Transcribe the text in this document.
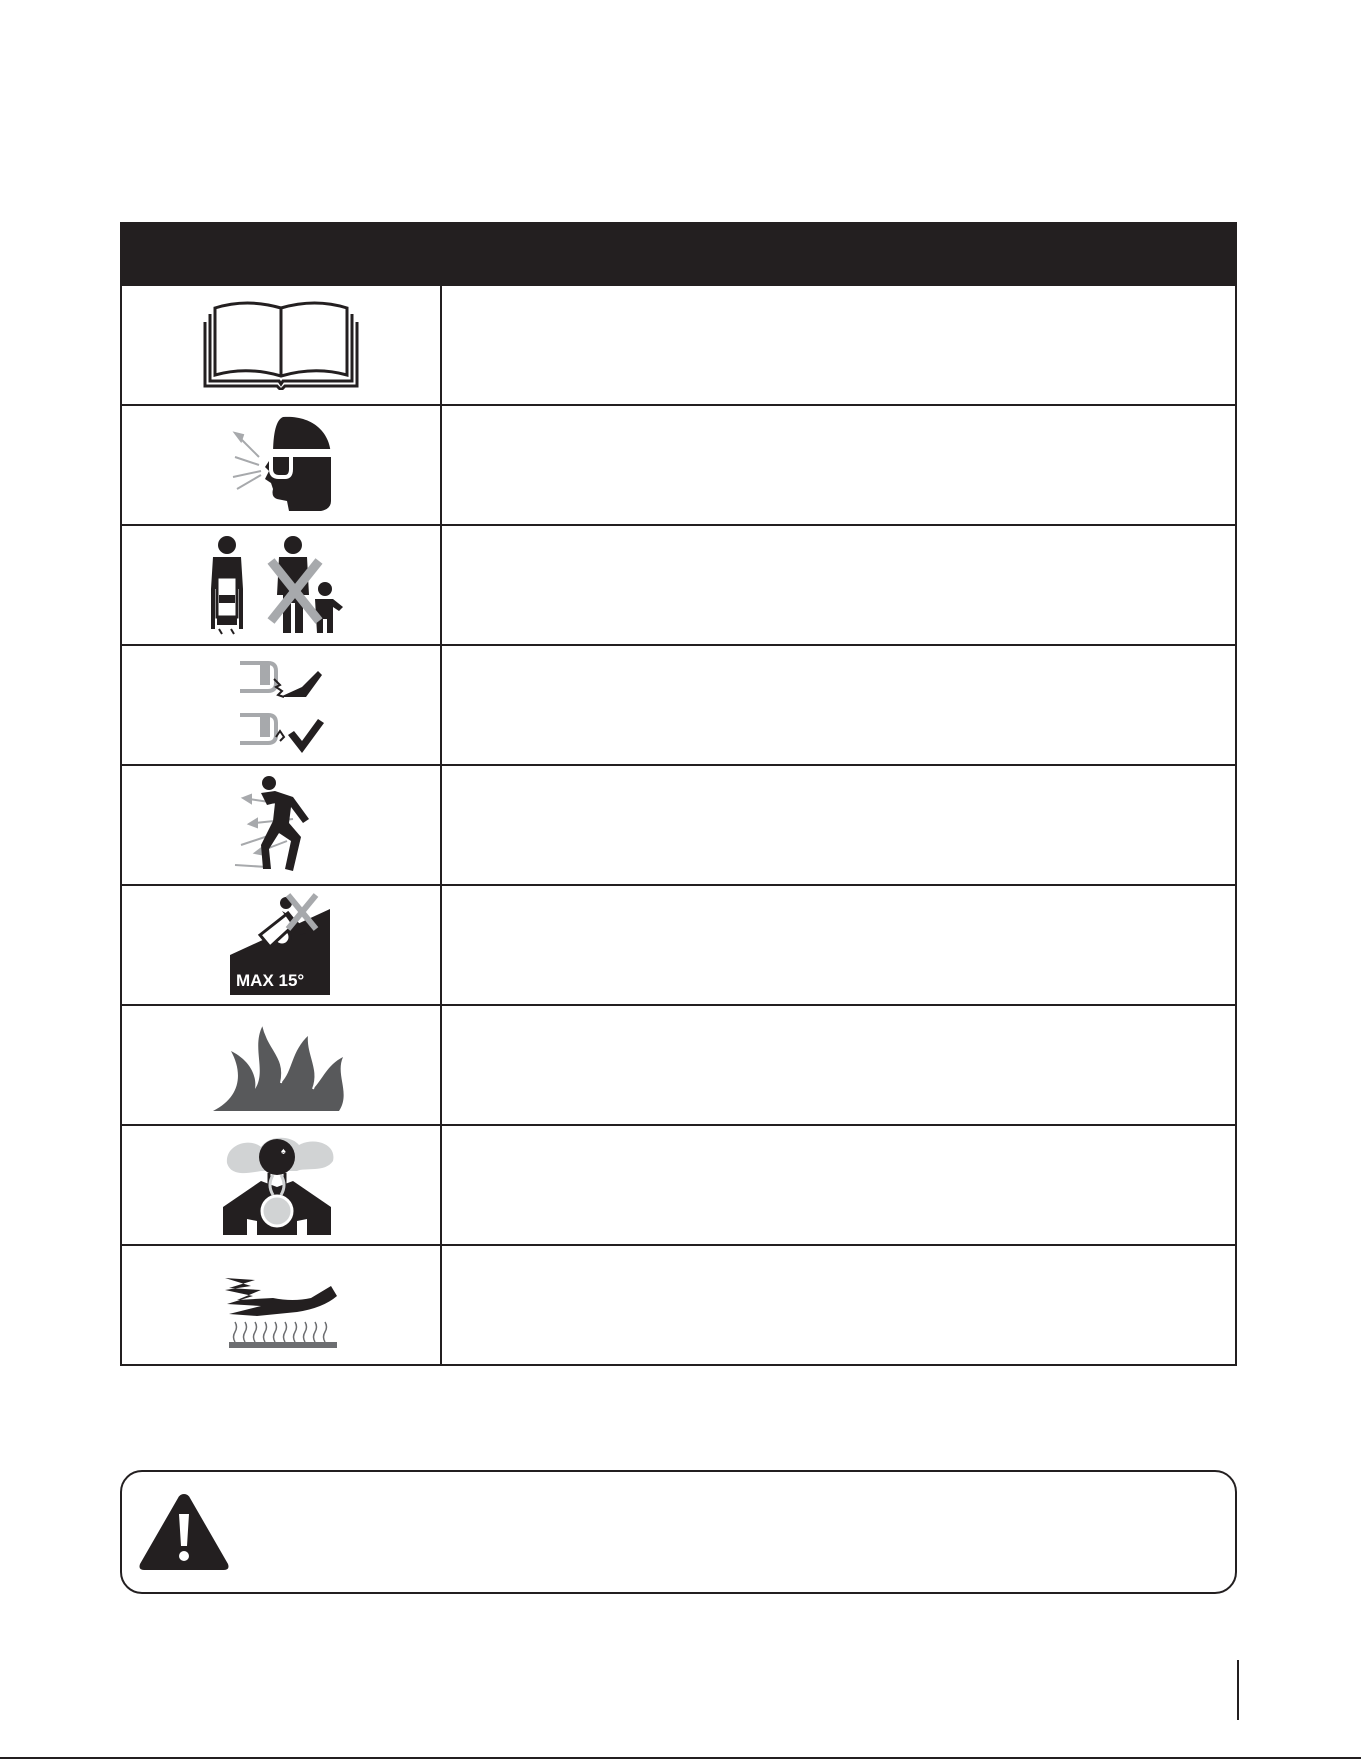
MAX 15°
♠
